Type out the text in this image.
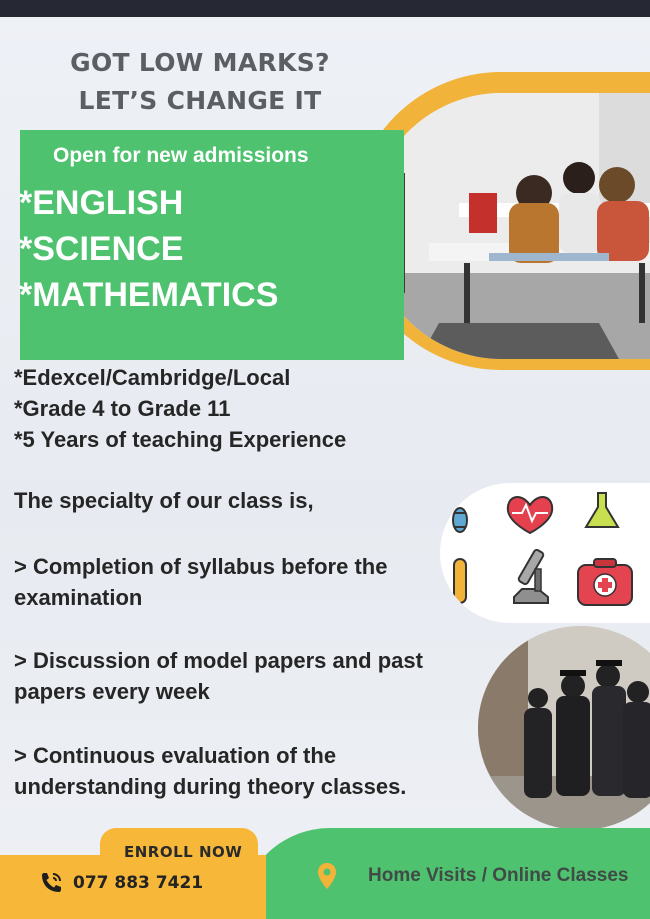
GOT LOW MARKS?
LET’S CHANGE IT
Open for new admissions
*ENGLISH
*SCIENCE
*MATHEMATICS
*Edexcel/Cambridge/Local
*Grade 4 to Grade 11
*5 Years of teaching Experience
The specialty of our class is,
> Completion of syllabus before the
examination
> Discussion of model papers and past
papers every week
> Continuous evaluation of the
understanding during theory classes.
ENROLL NOW
077 883 7421	Home Visits / Online Classes
